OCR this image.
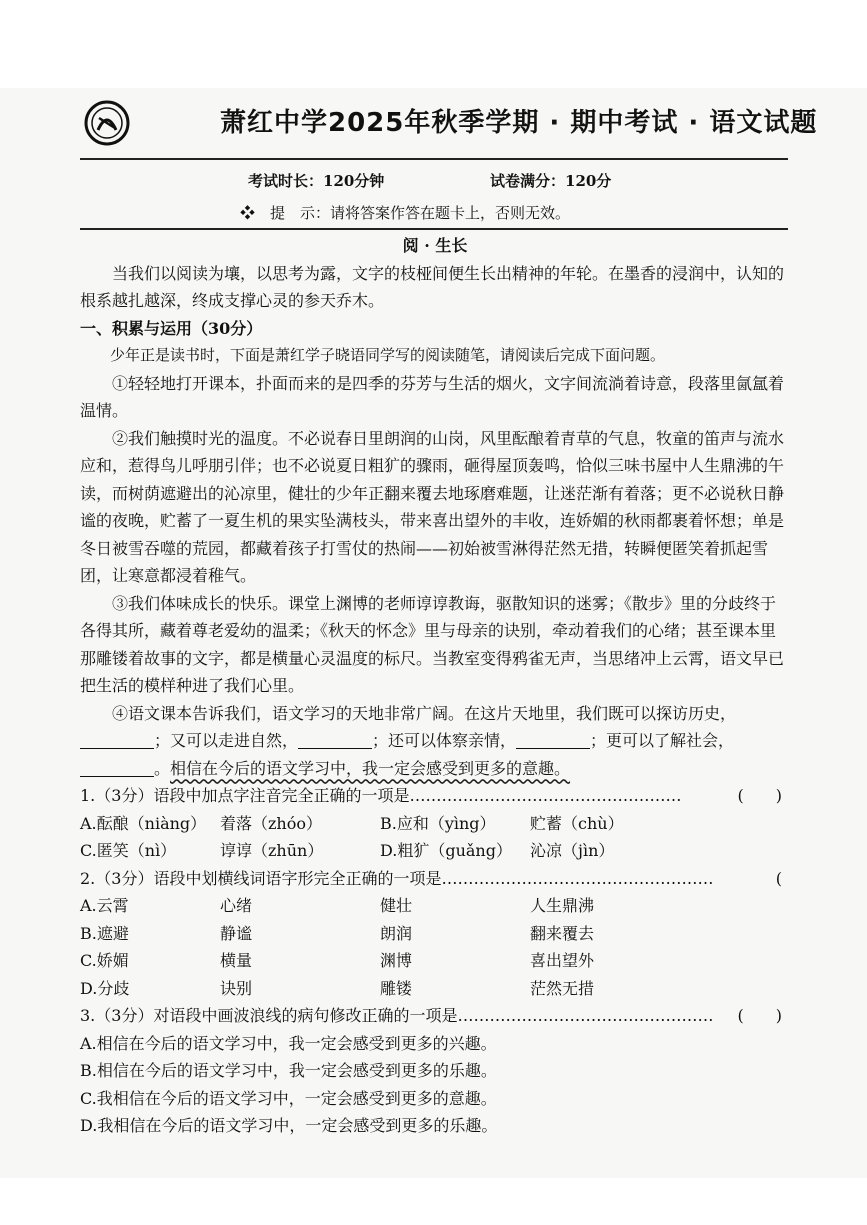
萧红中学2025年秋季学期 · 期中考试 · 语文试题
考试时长：120分钟	试卷满分：120分
❖　提　示：请将答案作答在题卡上，否则无效。

阅 · 生长

当我们以阅读为壤，以思考为露，文字的枝桠间便生长出精神的年轮。在墨香的浸润中，认知的根系越扎越深，终成支撑心灵的参天乔木。

一、积累与运用（30分）

少年正是读书时，下面是萧红学子晓语同学写的阅读随笔，请阅读后完成下面问题。

①轻轻地打开课本，扑面而来的是四季的芬芳与生活的烟火，文字间流淌着诗意，段落里氤氲着温情。

②我们触摸时光的温度。不必说春日里朗润的山岗，风里酝酿着青草的气息，牧童的笛声与流水应和，惹得鸟儿呼朋引伴；也不必说夏日粗犷的骤雨，砸得屋顶轰鸣，恰似三味书屋中人生鼎沸的午读，而树荫遮避出的沁凉里，健壮的少年正翻来覆去地琢磨难题，让迷茫渐有着落；更不必说秋日静谧的夜晚，贮蓄了一夏生机的果实坠满枝头，带来喜出望外的丰收，连娇媚的秋雨都裹着怀想；单是冬日被雪吞噬的荒园，都藏着孩子打雪仗的热闹——初始被雪淋得茫然无措，转瞬便匿笑着抓起雪团，让寒意都浸着稚气。

③我们体味成长的快乐。课堂上渊博的老师谆谆教诲，驱散知识的迷雾；《散步》里的分歧终于各得其所，藏着尊老爱幼的温柔；《秋天的怀念》里与母亲的诀别，牵动着我们的心绪；甚至课本里那雕镂着故事的文字，都是横量心灵温度的标尺。当教室变得鸦雀无声，当思绪冲上云霄，语文早已把生活的模样种进了我们心里。

④语文课本告诉我们，语文学习的天地非常广阔。在这片天地里，我们既可以探访历史，；又可以走进自然，	；还可以体察亲情，	；更可以了解社会，。相信在今后的语文学习中，我一定会感受到更多的意趣。

1.（3分）语段中加点字注音完全正确的一项是……………………………………………	(　　)

A.酝酿（niàng） 着落（zhóo）	B.应和（yìng）	贮蓄（chù）
C.匿笑（nì）	谆谆（zhūn）	D.粗犷（guǎng）	沁凉（jìn）

2.（3分）语段中划横线词语字形完全正确的一项是……………………………………………	(

A.云霄	心绪	健壮	人生鼎沸
B.遮避	静谧	朗润	翻来覆去
C.娇媚	横量	渊博	喜出望外
D.分歧	诀别	雕镂	茫然无措

3.（3分）对语段中画波浪线的病句修改正确的一项是………………………………………… (　　)

A.相信在今后的语文学习中，我一定会感受到更多的兴趣。

B.相信在今后的语文学习中，我一定会感受到更多的乐趣。

C.我相信在今后的语文学习中，一定会感受到更多的意趣。

D.我相信在今后的语文学习中，一定会感受到更多的乐趣。
